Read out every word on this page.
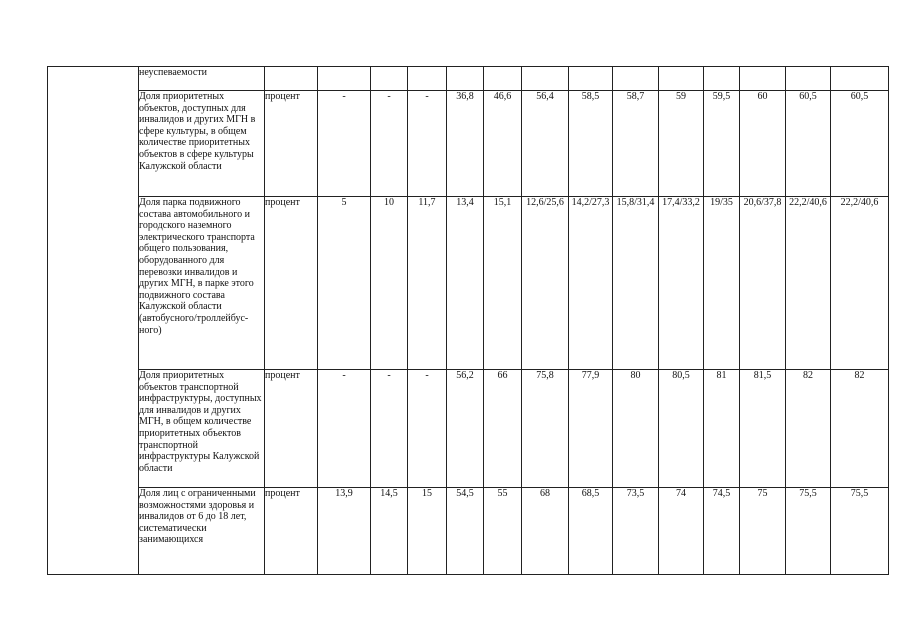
	неуспеваемости														
	Доля приоритетных объектов, доступных для инвалидов и других МГН в сфере культуры, в общем количестве приоритетных объектов в сфере культуры Калужской области	процент	-	-	-	36,8	46,6	56,4	58,5	58,7	59	59,5	60	60,5	60,5
	Доля парка подвижного состава автомобильного и городского наземного электрического транспорта общего пользования, оборудованного для перевозки инвалидов и других МГН, в парке этого подвижного состава Калужской области (автобусного/троллейбус-ного)	процент	5	10	11,7	13,4	15,1	12,6/25,6	14,2/27,3	15,8/31,4	17,4/33,2	19/35	20,6/37,8	22,2/40,6	22,2/40,6
	Доля приоритетных объектов транспортной инфраструктуры, доступных для инвалидов и других МГН, в общем количестве приоритетных объектов транспортной инфраструктуры Калужской области	процент	-	-	-	56,2	66	75,8	77,9	80	80,5	81	81,5	82	82
	Доля лиц с ограниченными возможностями здоровья и инвалидов от 6 до 18 лет, систематически занимающихся	процент	13,9	14,5	15	54,5	55	68	68,5	73,5	74	74,5	75	75,5	75,5
